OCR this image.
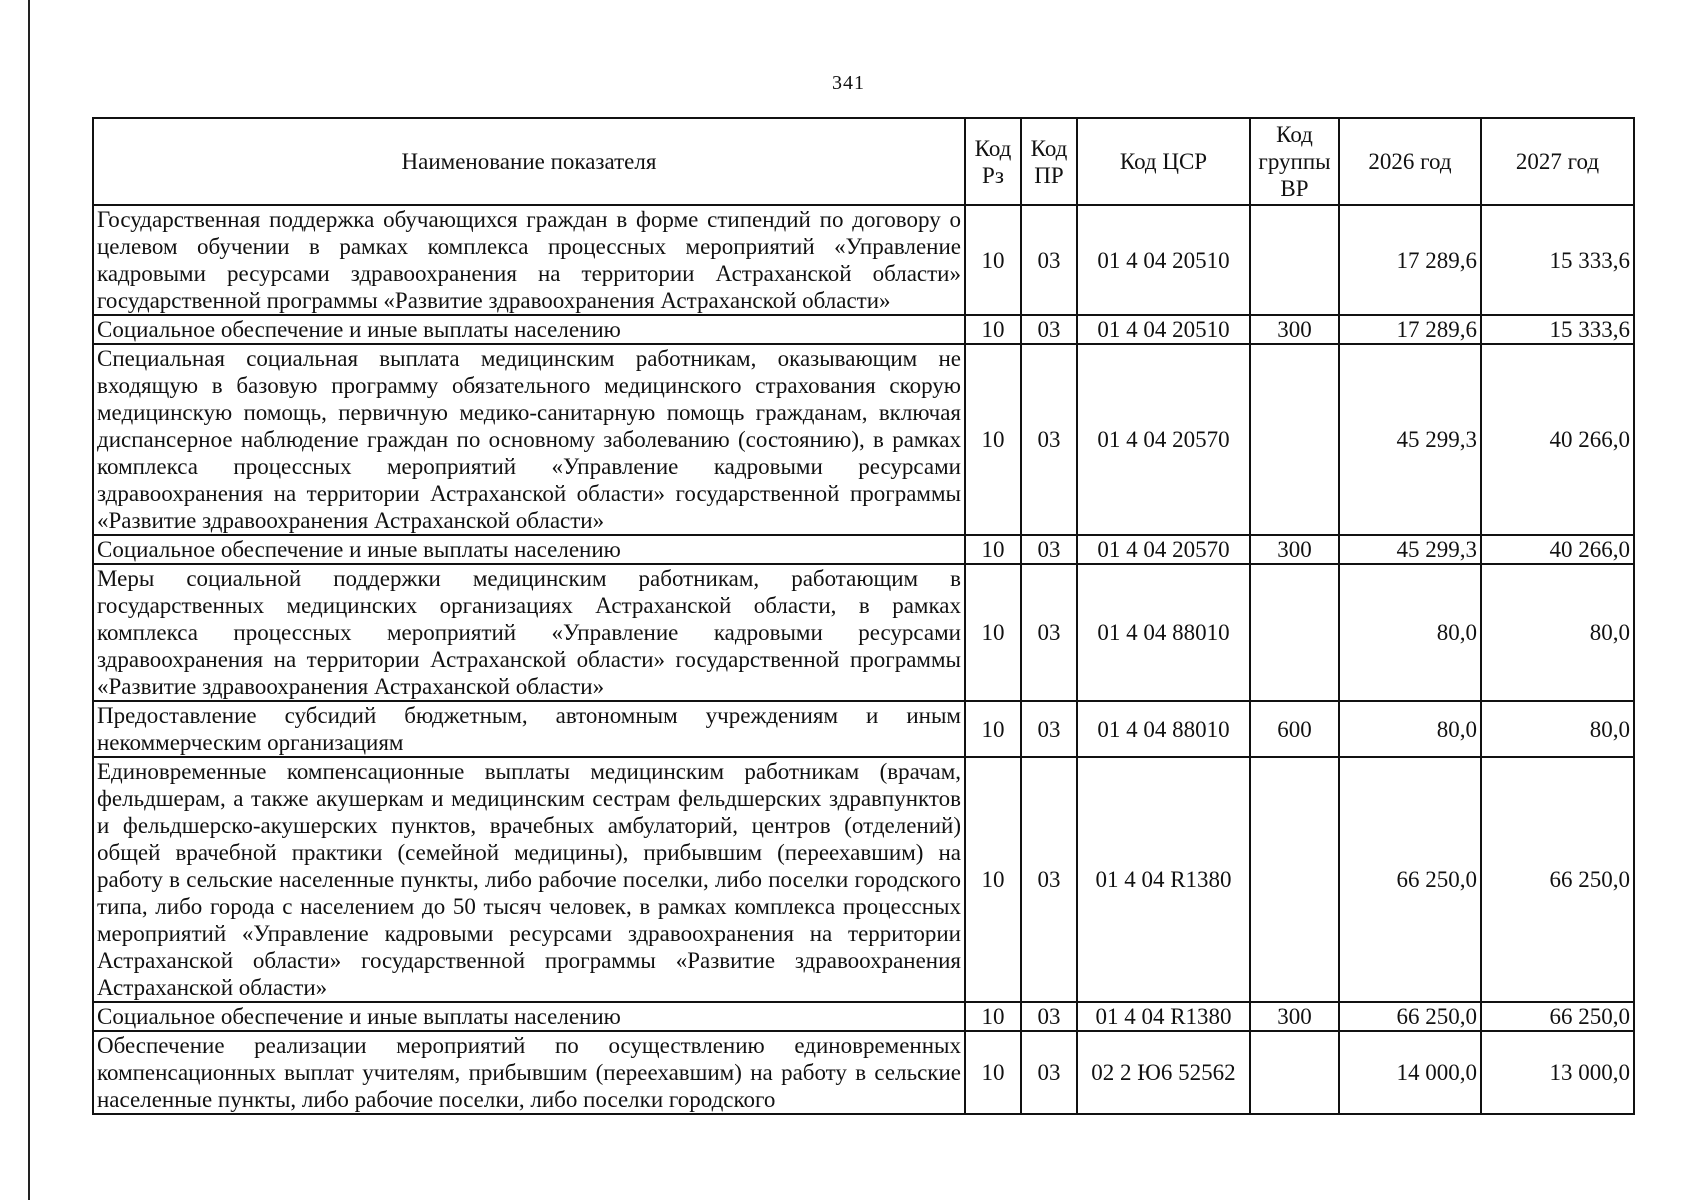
341
Наименование показателя	Код Рз	Код ПР	Код ЦСР	Код группы ВР	2026 год	2027 год
Государственная поддержка обучающихся граждан в форме стипендий по договору о целевом обучении в рамках комплекса процессных мероприятий «Управление кадровыми ресурсами здравоохранения на территории Астраханской области» государственной программы «Развитие здравоохранения Астраханской области»	10	03	01 4 04 20510		17 289,6	15 333,6
Социальное обеспечение и иные выплаты населению	10	03	01 4 04 20510	300	17 289,6	15 333,6
Специальная социальная выплата медицинским работникам, оказывающим не входящую в базовую программу обязательного медицинского страхования скорую медицинскую помощь, первичную медико-санитарную помощь гражданам, включая диспансерное наблюдение граждан по основному заболеванию (состоянию), в рамках комплекса процессных мероприятий «Управление кадровыми ресурсами здравоохранения на территории Астраханской области» государственной программы «Развитие здравоохранения Астраханской области»	10	03	01 4 04 20570		45 299,3	40 266,0
Социальное обеспечение и иные выплаты населению	10	03	01 4 04 20570	300	45 299,3	40 266,0
Меры социальной поддержки медицинским работникам, работающим в государственных медицинских организациях Астраханской области, в рамках комплекса процессных мероприятий «Управление кадровыми ресурсами здравоохранения на территории Астраханской области» государственной программы «Развитие здравоохранения Астраханской области»	10	03	01 4 04 88010		80,0	80,0
Предоставление субсидий бюджетным, автономным учреждениям и иным некоммерческим организациям	10	03	01 4 04 88010	600	80,0	80,0
Единовременные компенсационные выплаты медицинским работникам (врачам, фельдшерам, а также акушеркам и медицинским сестрам фельдшерских здравпунктов и фельдшерско-акушерских пунктов, врачебных амбулаторий, центров (отделений) общей врачебной практики (семейной медицины), прибывшим (переехавшим) на работу в сельские населенные пункты, либо рабочие поселки, либо поселки городского типа, либо города с населением до 50 тысяч человек, в рамках комплекса процессных мероприятий «Управление кадровыми ресурсами здравоохранения на территории Астраханской области» государственной программы «Развитие здравоохранения Астраханской области»	10	03	01 4 04 R1380		66 250,0	66 250,0
Социальное обеспечение и иные выплаты населению	10	03	01 4 04 R1380	300	66 250,0	66 250,0
Обеспечение реализации мероприятий по осуществлению единовременных компенсационных выплат учителям, прибывшим (переехавшим) на работу в сельские населенные пункты, либо рабочие поселки, либо поселки городского	10	03	02 2 Ю6 52562		14 000,0	13 000,0
